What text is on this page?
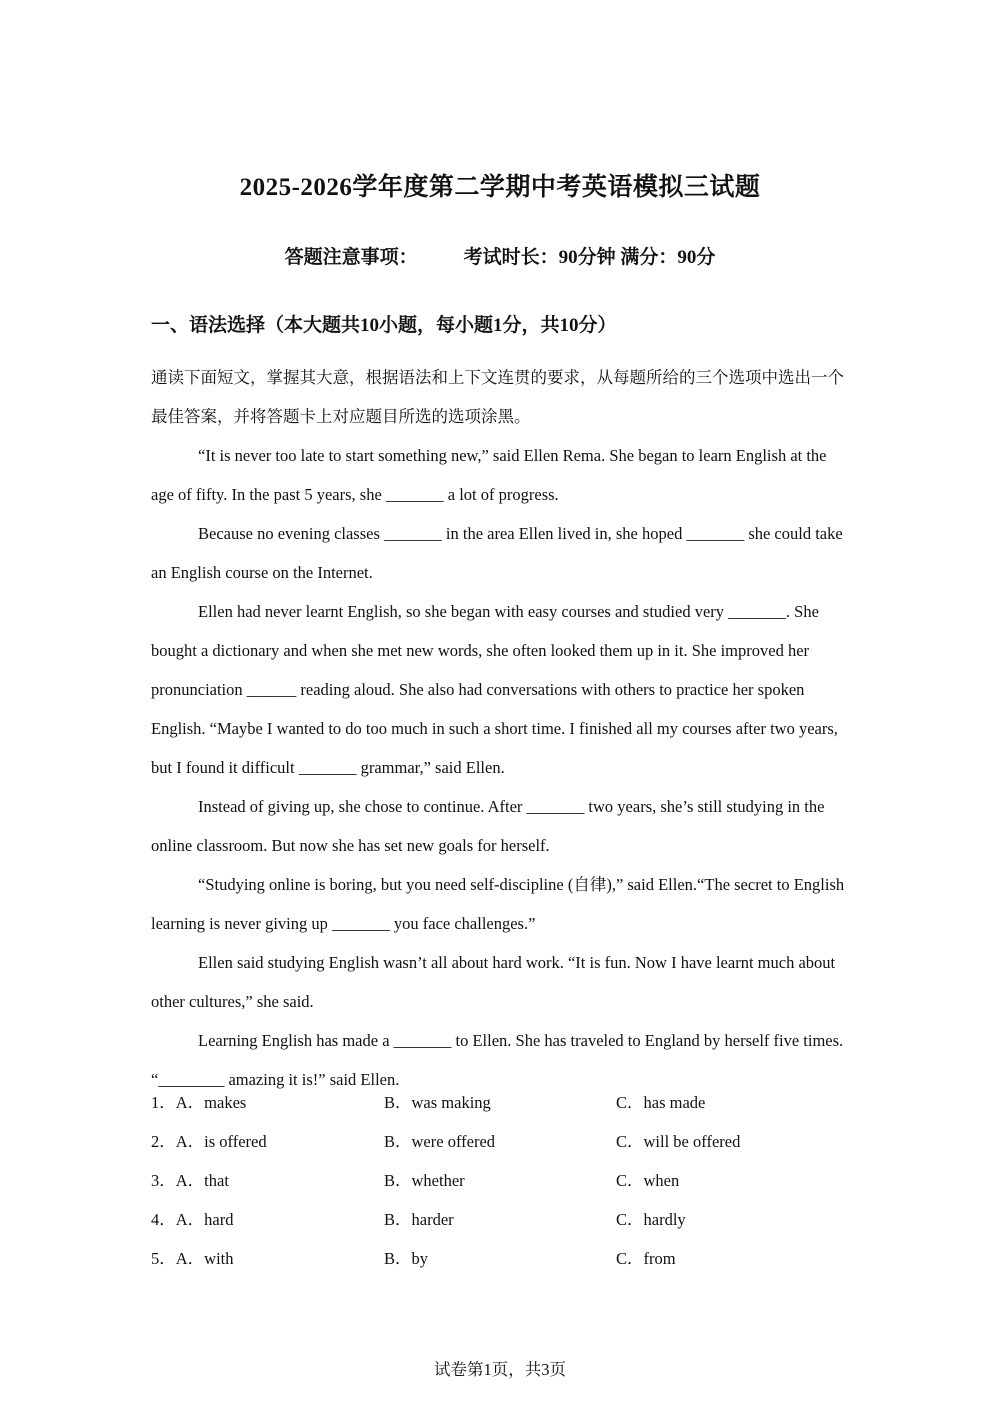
2025-2026学年度第二学期中考英语模拟三试题
答题注意事项： 考试时长：90分钟 满分：90分
一、语法选择（本大题共10小题，每小题1分，共10分）
通读下面短文，掌握其大意，根据语法和上下文连贯的要求，从每题所给的三个选项中选出一个最佳答案，并将答题卡上对应题目所选的选项涂黑。

“It is never too late to start something new,” said Ellen Rema. She began to learn English at the age of fifty. In the past 5 years, she _______ a lot of progress.

Because no evening classes _______ in the area Ellen lived in, she hoped _______ she could take an English course on the Internet.

Ellen had never learnt English, so she began with easy courses and studied very _______. She bought a dictionary and when she met new words, she often looked them up in it. She improved her pronunciation ______ reading aloud. She also had conversations with others to practice her spoken English. “Maybe I wanted to do too much in such a short time. I finished all my courses after two years, but I found it difficult _______ grammar,” said Ellen.

Instead of giving up, she chose to continue. After _______ two years, she’s still studying in the online classroom. But now she has set new goals for herself.

“Studying online is boring, but you need self-discipline (自律),” said Ellen.“The secret to English learning is never giving up _______ you face challenges.”

Ellen said studying English wasn’t all about hard work. “It is fun. Now I have learnt much about other cultures,” she said.

Learning English has made a _______ to Ellen. She has traveled to England by herself five times. “________ amazing it is!” said Ellen.

1．A．makes	B．was making	C．has made
2．A．is offered	B．were offered	C．will be offered
3．A．that	B．whether	C．when
4．A．hard	B．harder	C．hardly
5．A．with	B．by	C．from
试卷第1页，共3页
